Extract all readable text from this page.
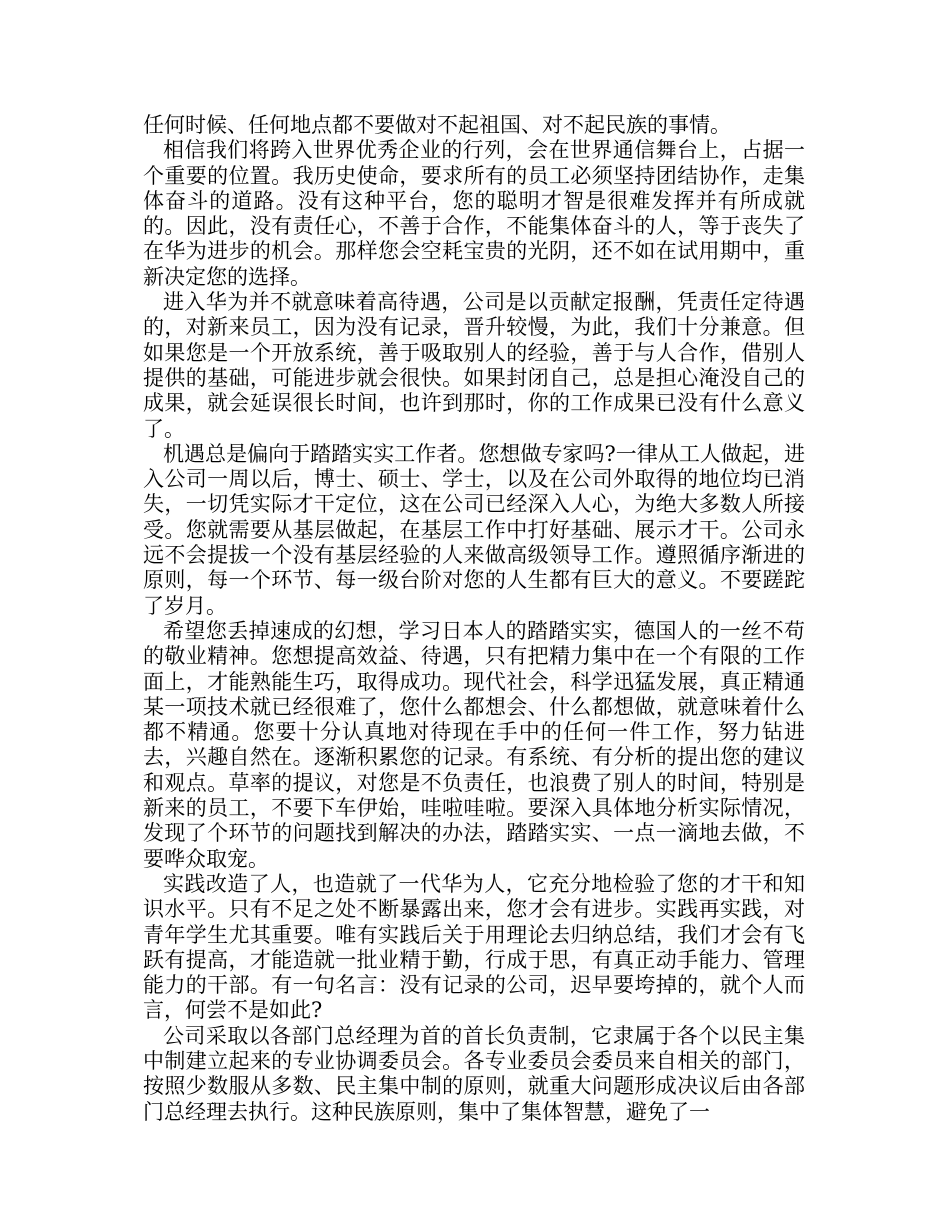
任何时候、任何地点都不要做对不起祖国、对不起民族的事情。

相信我们将跨入世界优秀企业的行列，会在世界通信舞台上，占据一个重要的位置。我历史使命，要求所有的员工必须坚持团结协作，走集体奋斗的道路。没有这种平台，您的聪明才智是很难发挥并有所成就的。因此，没有责任心，不善于合作，不能集体奋斗的人，等于丧失了在华为进步的机会。那样您会空耗宝贵的光阴，还不如在试用期中，重新决定您的选择。

进入华为并不就意味着高待遇，公司是以贡献定报酬，凭责任定待遇的，对新来员工，因为没有记录，晋升较慢，为此，我们十分兼意。但如果您是一个开放系统，善于吸取别人的经验，善于与人合作，借别人提供的基础，可能进步就会很快。如果封闭自己，总是担心淹没自己的成果，就会延误很长时间，也许到那时，你的工作成果已没有什么意义了。

机遇总是偏向于踏踏实实工作者。您想做专家吗?一律从工人做起，进入公司一周以后，博士、硕士、学士，以及在公司外取得的地位均已消失，一切凭实际才干定位，这在公司已经深入人心，为绝大多数人所接受。您就需要从基层做起，在基层工作中打好基础、展示才干。公司永远不会提拔一个没有基层经验的人来做高级领导工作。遵照循序渐进的原则，每一个环节、每一级台阶对您的人生都有巨大的意义。不要蹉跎了岁月。

希望您丢掉速成的幻想，学习日本人的踏踏实实，德国人的一丝不苟的敬业精神。您想提高效益、待遇，只有把精力集中在一个有限的工作面上，才能熟能生巧，取得成功。现代社会，科学迅猛发展，真正精通某一项技术就已经很难了，您什么都想会、什么都想做，就意味着什么都不精通。您要十分认真地对待现在手中的任何一件工作，努力钻进去，兴趣自然在。逐渐积累您的记录。有系统、有分析的提出您的建议和观点。草率的提议，对您是不负责任，也浪费了别人的时间，特别是新来的员工，不要下车伊始，哇啦哇啦。要深入具体地分析实际情况，发现了个环节的问题找到解决的办法，踏踏实实、一点一滴地去做，不要哗众取宠。

实践改造了人，也造就了一代华为人，它充分地检验了您的才干和知识水平。只有不足之处不断暴露出来，您才会有进步。实践再实践，对青年学生尤其重要。唯有实践后关于用理论去归纳总结，我们才会有飞跃有提高，才能造就一批业精于勤，行成于思，有真正动手能力、管理能力的干部。有一句名言：没有记录的公司，迟早要垮掉的，就个人而言，何尝不是如此?

公司采取以各部门总经理为首的首长负责制，它隶属于各个以民主集中制建立起来的专业协调委员会。各专业委员会委员来自相关的部门，按照少数服从多数、民主集中制的原则，就重大问题形成决议后由各部门总经理去执行。这种民族原则，集中了集体智慧，避免了一
